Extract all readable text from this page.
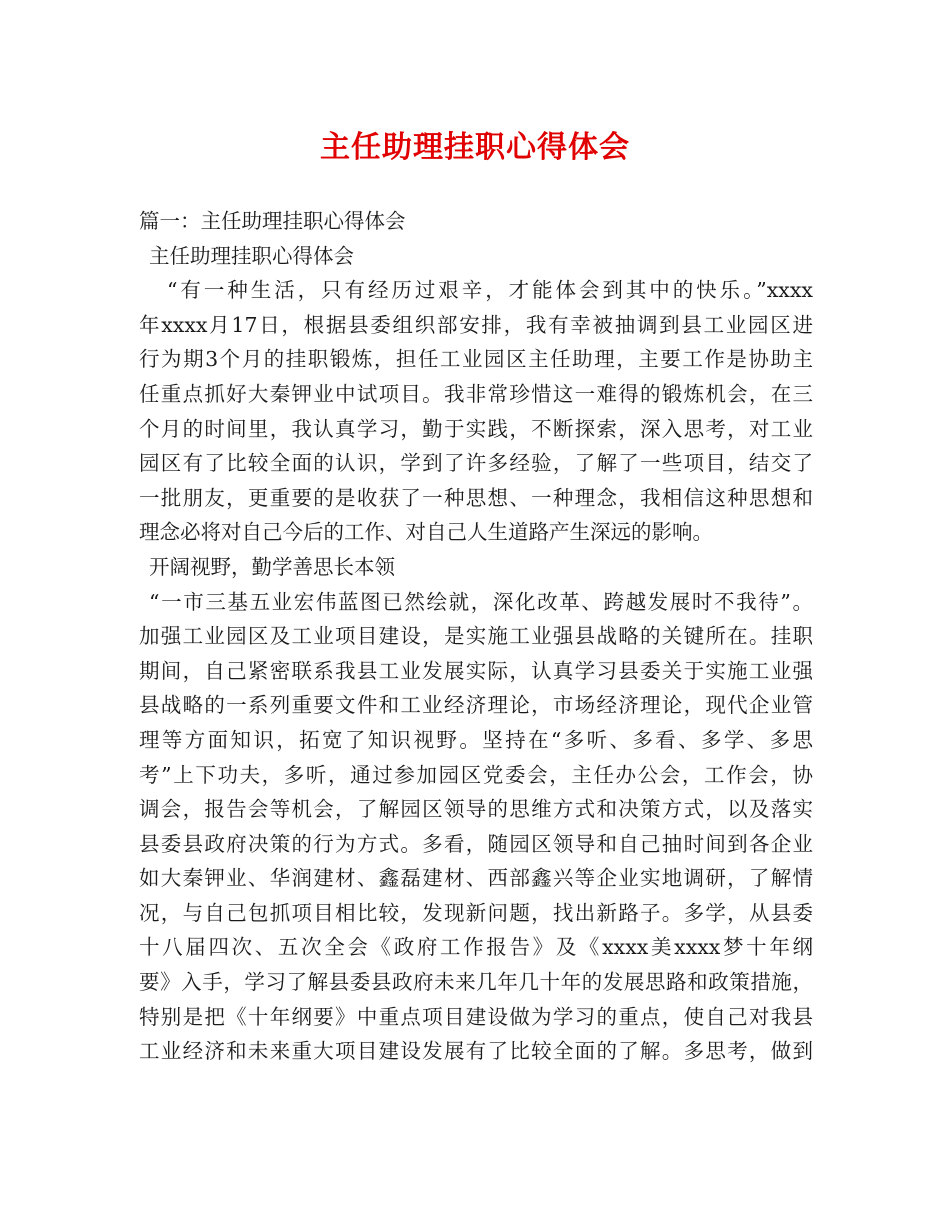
主任助理挂职心得体会
篇一：主任助理挂职心得体会
主任助理挂职心得体会
“有一种生活，只有经历过艰辛，才能体会到其中的快乐。”xxxx
年xxxx月17日，根据县委组织部安排，我有幸被抽调到县工业园区进
行为期3个月的挂职锻炼，担任工业园区主任助理，主要工作是协助主
任重点抓好大秦钾业中试项目。我非常珍惜这一难得的锻炼机会，在三
个月的时间里，我认真学习，勤于实践，不断探索，深入思考，对工业
园区有了比较全面的认识，学到了许多经验，了解了一些项目，结交了
一批朋友，更重要的是收获了一种思想、一种理念，我相信这种思想和
理念必将对自己今后的工作、对自己人生道路产生深远的影响。
开阔视野，勤学善思长本领
“一市三基五业宏伟蓝图已然绘就，深化改革、跨越发展时不我待”。
加强工业园区及工业项目建设，是实施工业强县战略的关键所在。挂职
期间，自己紧密联系我县工业发展实际，认真学习县委关于实施工业强
县战略的一系列重要文件和工业经济理论，市场经济理论，现代企业管
理等方面知识，拓宽了知识视野。坚持在“多听、多看、多学、多思
考”上下功夫，多听，通过参加园区党委会，主任办公会，工作会，协
调会，报告会等机会，了解园区领导的思维方式和决策方式，以及落实
县委县政府决策的行为方式。多看，随园区领导和自己抽时间到各企业
如大秦钾业、华润建材、鑫磊建材、西部鑫兴等企业实地调研，了解情
况，与自己包抓项目相比较，发现新问题，找出新路子。多学，从县委
十八届四次、五次全会《政府工作报告》及《xxxx美xxxx梦十年纲
要》入手，学习了解县委县政府未来几年几十年的发展思路和政策措施，
特别是把《十年纲要》中重点项目建设做为学习的重点，使自己对我县
工业经济和未来重大项目建设发展有了比较全面的了解。多思考，做到
